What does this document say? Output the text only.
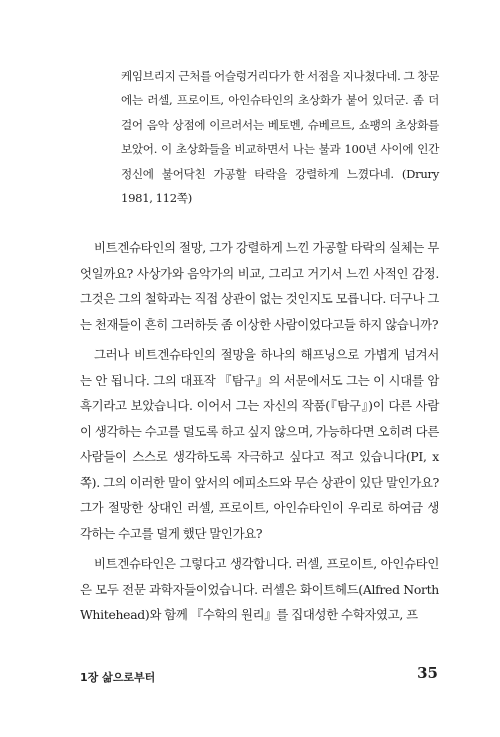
케임브리지 근처를 어슬렁거리다가 한 서점을 지나쳤다네. 그 창문에는 러셀, 프로이트, 아인슈타인의 초상화가 붙어 있더군. 좀 더 걸어 음악 상점에 이르러서는 베토벤, 슈베르트, 쇼팽의 초상화를 보았어. 이 초상화들을 비교하면서 나는 불과 100년 사이에 인간 정신에 불어닥친 가공할 타락을 강렬하게 느꼈다네. (Drury 1981, 112쪽)

비트겐슈타인의 절망, 그가 강렬하게 느낀 가공할 타락의 실체는 무엇일까요? 사상가와 음악가의 비교, 그리고 거기서 느낀 사적인 감정. 그것은 그의 철학과는 직접 상관이 없는 것인지도 모릅니다. 더구나 그는 천재들이 흔히 그러하듯 좀 이상한 사람이었다고들 하지 않습니까?

그러나 비트겐슈타인의 절망을 하나의 해프닝으로 가볍게 넘겨서는 안 됩니다. 그의 대표작 『탐구』의 서문에서도 그는 이 시대를 암흑기라고 보았습니다. 이어서 그는 자신의 작품(『탐구』)이 다른 사람이 생각하는 수고를 덜도록 하고 싶지 않으며, 가능하다면 오히려 다른 사람들이 스스로 생각하도록 자극하고 싶다고 적고 있습니다(PI, x쪽). 그의 이러한 말이 앞서의 에피소드와 무슨 상관이 있단 말인가요? 그가 절망한 상대인 러셀, 프로이트, 아인슈타인이 우리로 하여금 생각하는 수고를 덜게 했단 말인가요?

비트겐슈타인은 그렇다고 생각합니다. 러셀, 프로이트, 아인슈타인은 모두 전문 과학자들이었습니다. 러셀은 화이트헤드(Alfred North Whitehead)와 함께 『수학의 원리』를 집대성한 수학자였고, 프

1장 삶으로부터	35
